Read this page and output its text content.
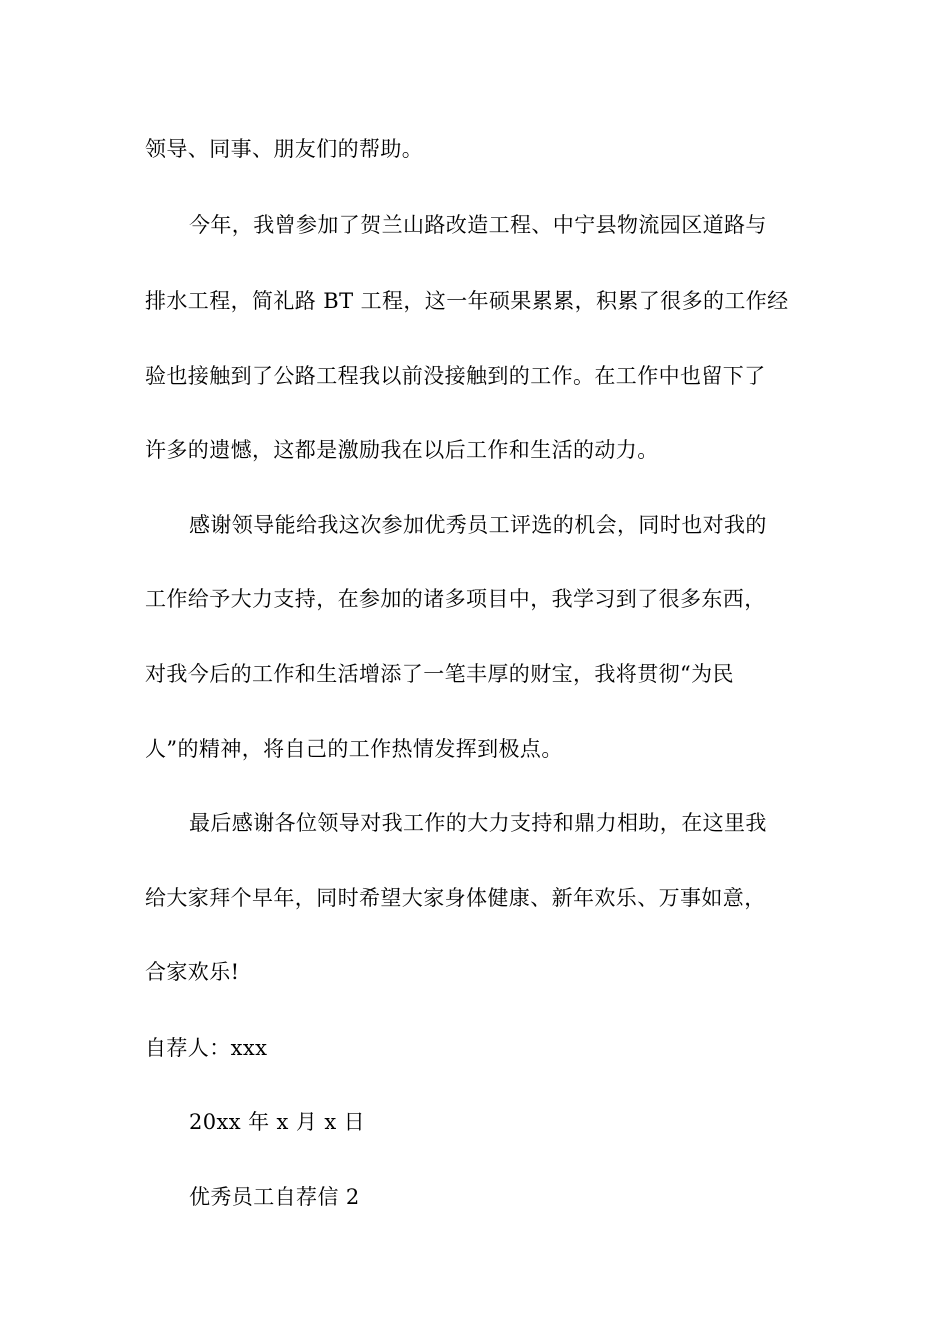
领导、同事、朋友们的帮助。
今年，我曾参加了贺兰山路改造工程、中宁县物流园区道路与
排水工程，简礼路 BT 工程，这一年硕果累累，积累了很多的工作经
验也接触到了公路工程我以前没接触到的工作。在工作中也留下了
许多的遗憾，这都是激励我在以后工作和生活的动力。
感谢领导能给我这次参加优秀员工评选的机会，同时也对我的
工作给予大力支持，在参加的诸多项目中，我学习到了很多东西，
对我今后的工作和生活增添了一笔丰厚的财宝，我将贯彻“为民
人”的精神，将自己的工作热情发挥到极点。
最后感谢各位领导对我工作的大力支持和鼎力相助，在这里我
给大家拜个早年，同时希望大家身体健康、新年欢乐、万事如意，
合家欢乐!
自荐人：xxx
20xx 年 x 月 x 日
优秀员工自荐信 2
